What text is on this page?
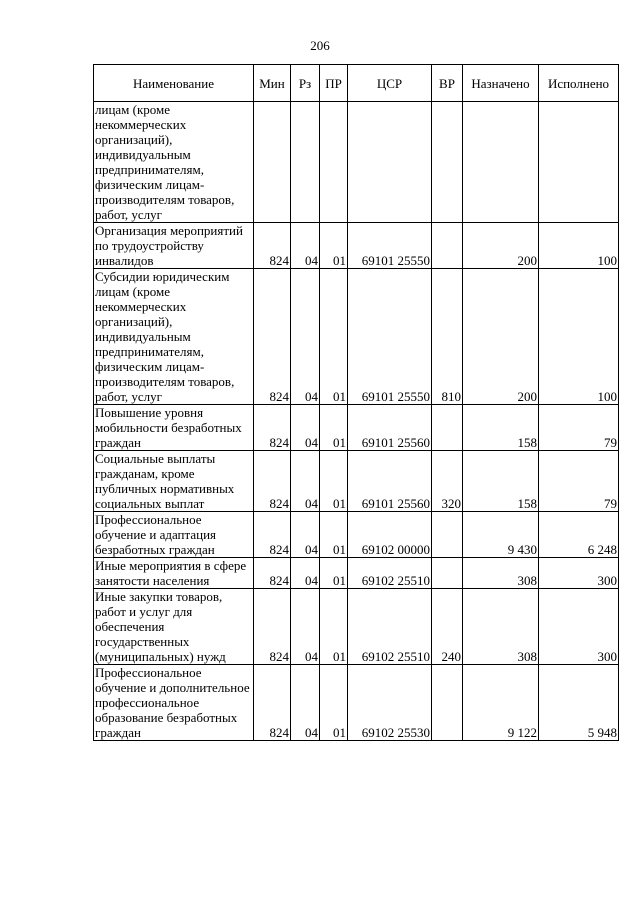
206
Наименование	Мин	Рз	ПР	ЦСР	ВР	Назначено	Исполнено
лицам (кроме некоммерческих организаций), индивидуальным предпринимателям, физическим лицам-производителям товаров, работ, услуг							
Организация мероприятий по трудоустройству инвалидов	824	04	01	69101 25550		200	100
Субсидии юридическим лицам (кроме некоммерческих организаций), индивидуальным предпринимателям, физическим лицам-производителям товаров, работ, услуг	824	04	01	69101 25550	810	200	100
Повышение уровня мобильности безработных граждан	824	04	01	69101 25560		158	79
Социальные выплаты гражданам, кроме публичных нормативных социальных выплат	824	04	01	69101 25560	320	158	79
Профессиональное обучение и адаптация безработных граждан	824	04	01	69102 00000		9 430	6 248
Иные мероприятия в сфере занятости населения	824	04	01	69102 25510		308	300
Иные закупки товаров, работ и услуг для обеспечения государственных (муниципальных) нужд	824	04	01	69102 25510	240	308	300
Профессиональное обучение и дополнительное профессиональное образование безработных граждан	824	04	01	69102 25530		9 122	5 948
